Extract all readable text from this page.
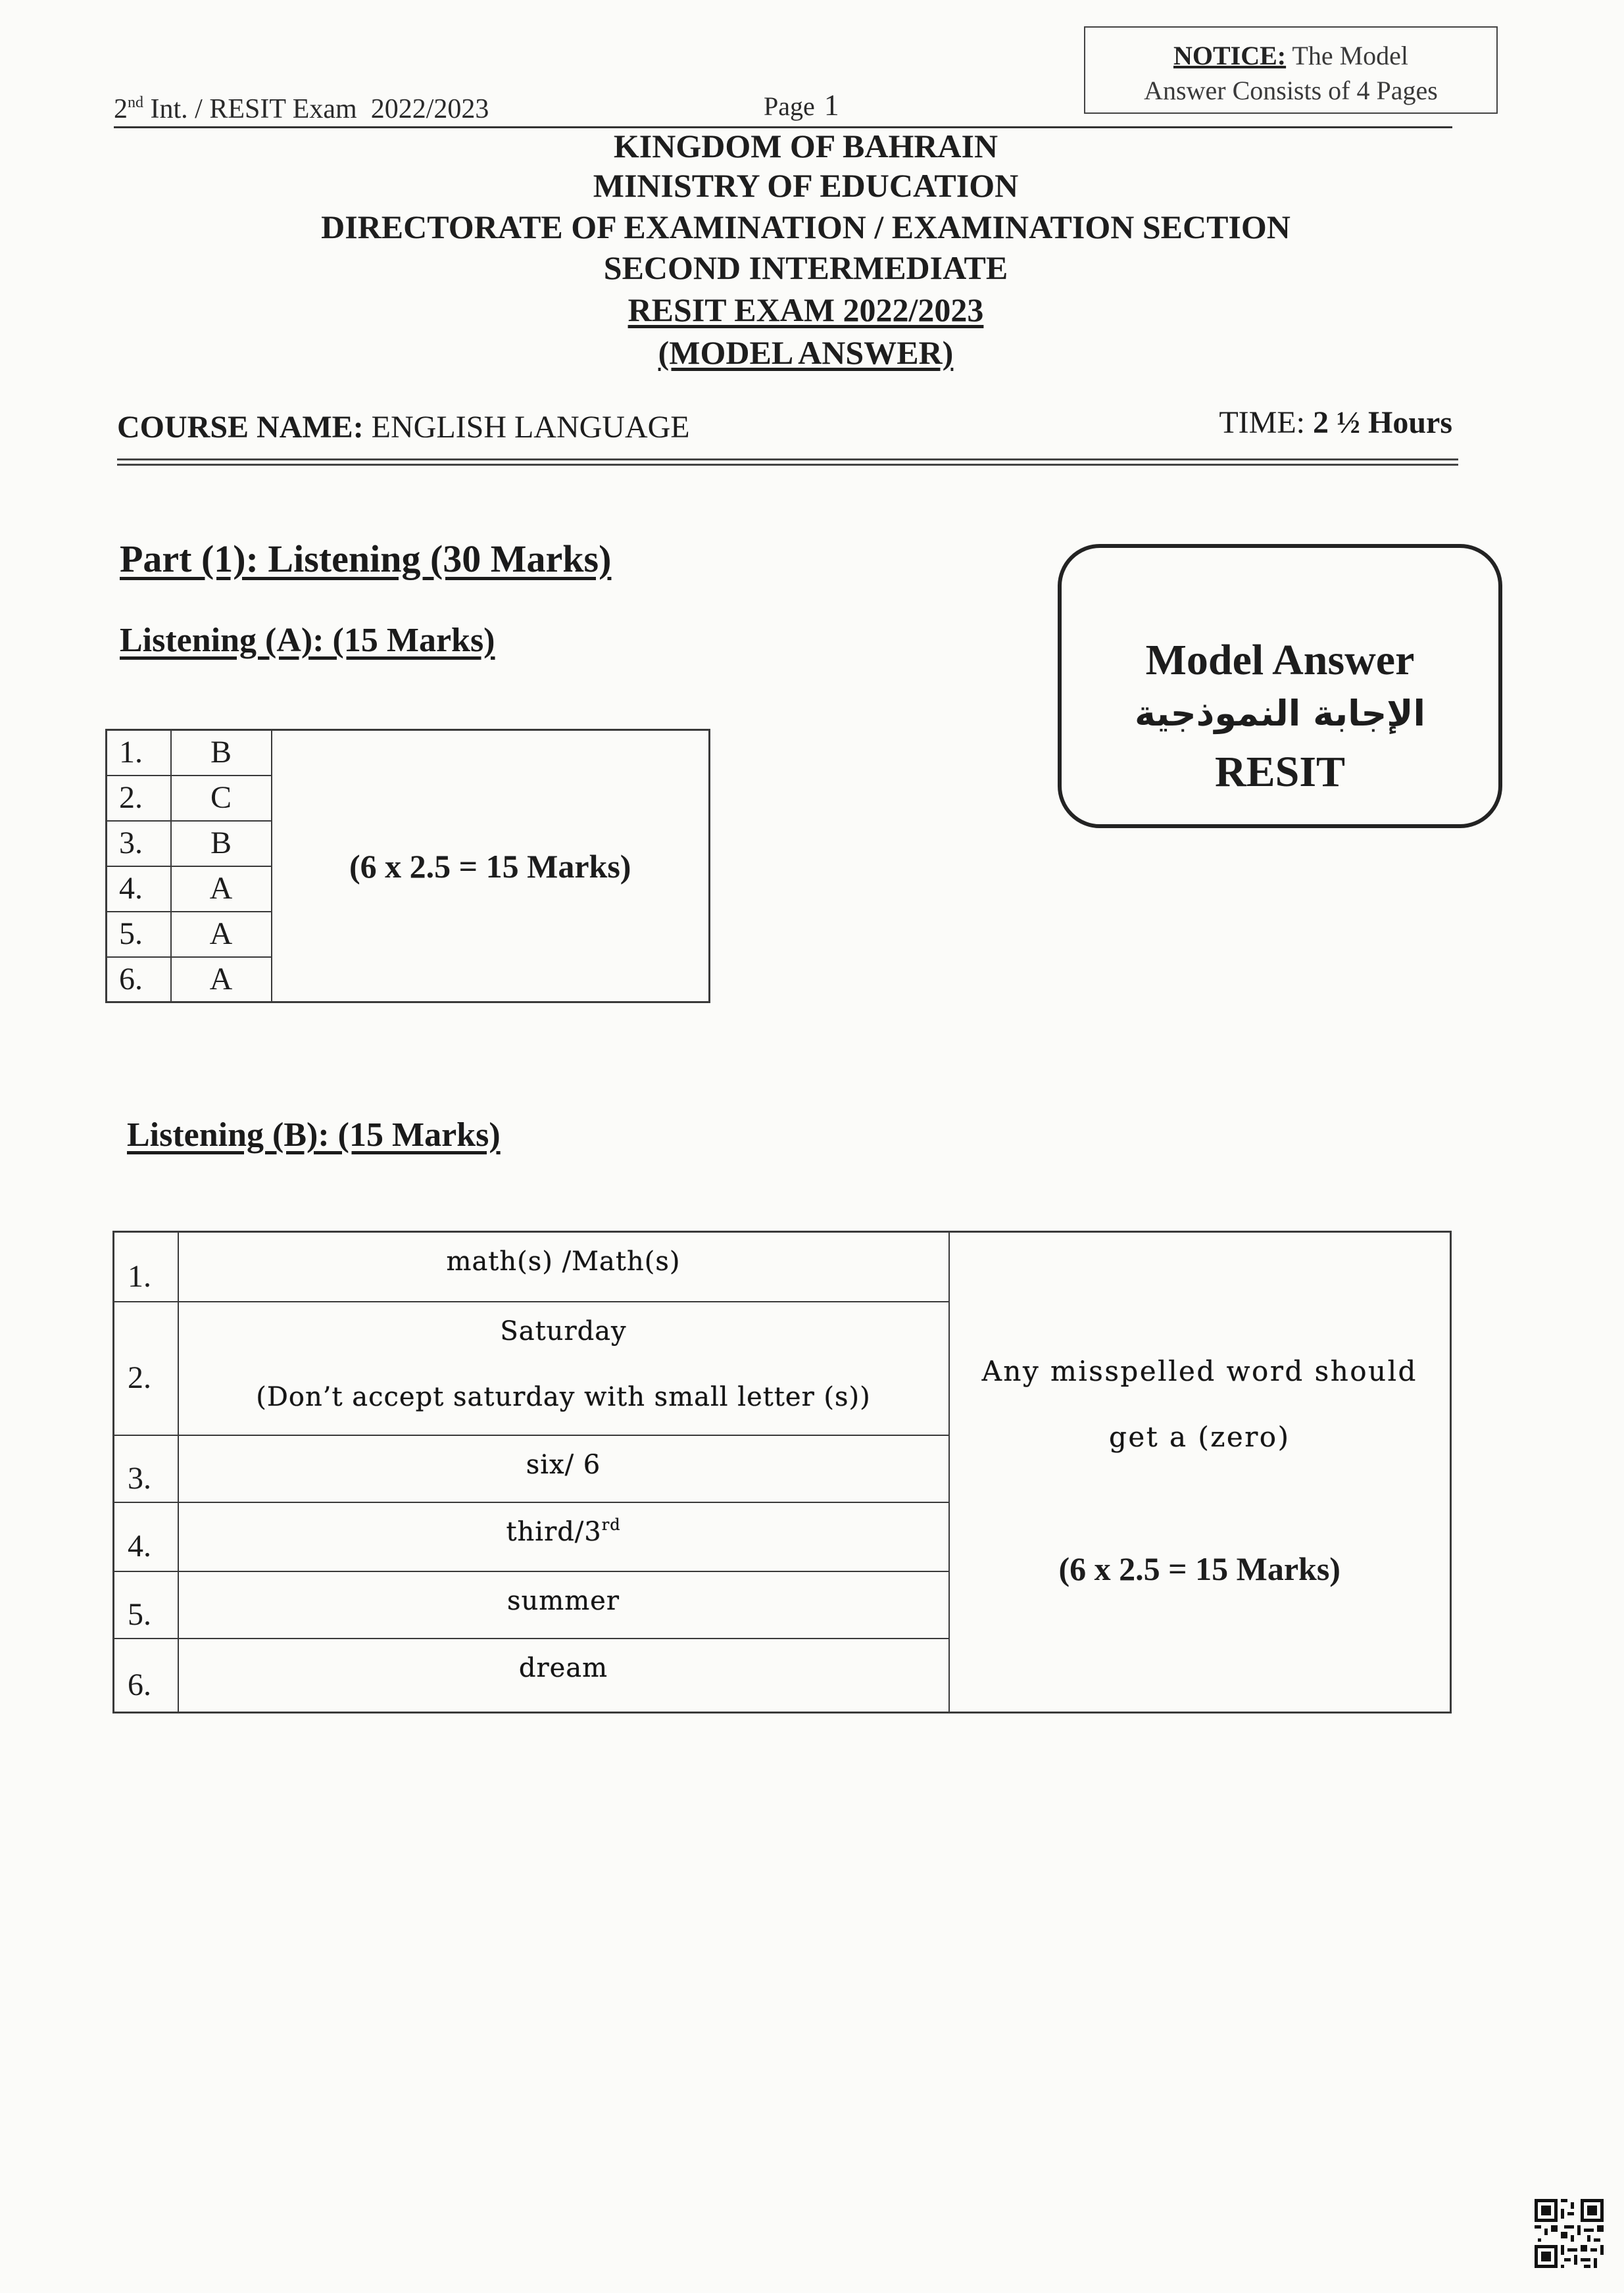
2nd Int. / RESIT Exam  2022/2023	Page 1
NOTICE: The Model
Answer Consists of 4 Pages
KINGDOM OF BAHRAIN
MINISTRY OF EDUCATION
DIRECTORATE OF EXAMINATION / EXAMINATION SECTION
SECOND INTERMEDIATE
RESIT EXAM 2022/2023
(MODEL ANSWER)
COURSE NAME: ENGLISH LANGUAGE	TIME: 2 ½ Hours
Part (1): Listening (30 Marks)
Listening (A): (15 Marks)
1.	B	(6 x 2.5 = 15 Marks)
2.	C	
3.	B	
4.	A	
5.	A	
6.	A	
Model Answer
الإجابة النموذجية
RESIT
Listening (B): (15 Marks)
1.	math(s) /Math(s)	Any misspelled word should
get a (zero)
(6 x 2.5 = 15 Marks)

2.	Saturday
(Don’t accept saturday with small letter (s))	

3.	six/ 6	
4.	third/3rd
5.	summer	
6.	dream	
